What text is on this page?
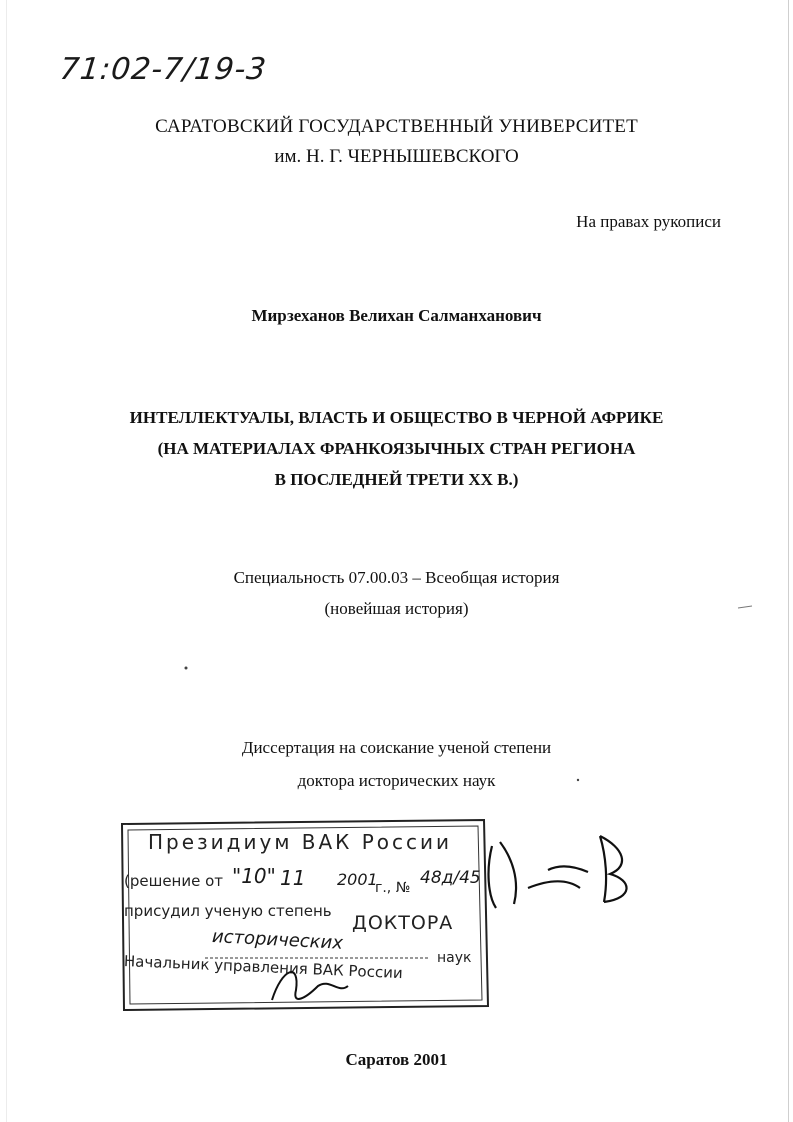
71:02-7/19-3
САРАТОВСКИЙ ГОСУДАРСТВЕННЫЙ УНИВЕРСИТЕТ
им. Н. Г. ЧЕРНЫШЕВСКОГО
На правах рукописи
Мирзеханов Велихан Салманханович
ИНТЕЛЛЕКТУАЛЫ, ВЛАСТЬ И ОБЩЕСТВО В ЧЕРНОЙ АФРИКЕ
(НА МАТЕРИАЛАХ ФРАНКОЯЗЫЧНЫХ СТРАН РЕГИОНА
В ПОСЛЕДНЕЙ ТРЕТИ XX В.)
Специальность 07.00.03 – Всеобщая история
(новейшая история)
Диссертация на соискание ученой степени
доктора исторических наук
Президиум ВАК России
(решение от	г., №
присудил ученую степень
ДОКТОРА
наук
Начальник управления ВАК России
"10" 11 2001 48д/45
исторических
Саратов 2001
